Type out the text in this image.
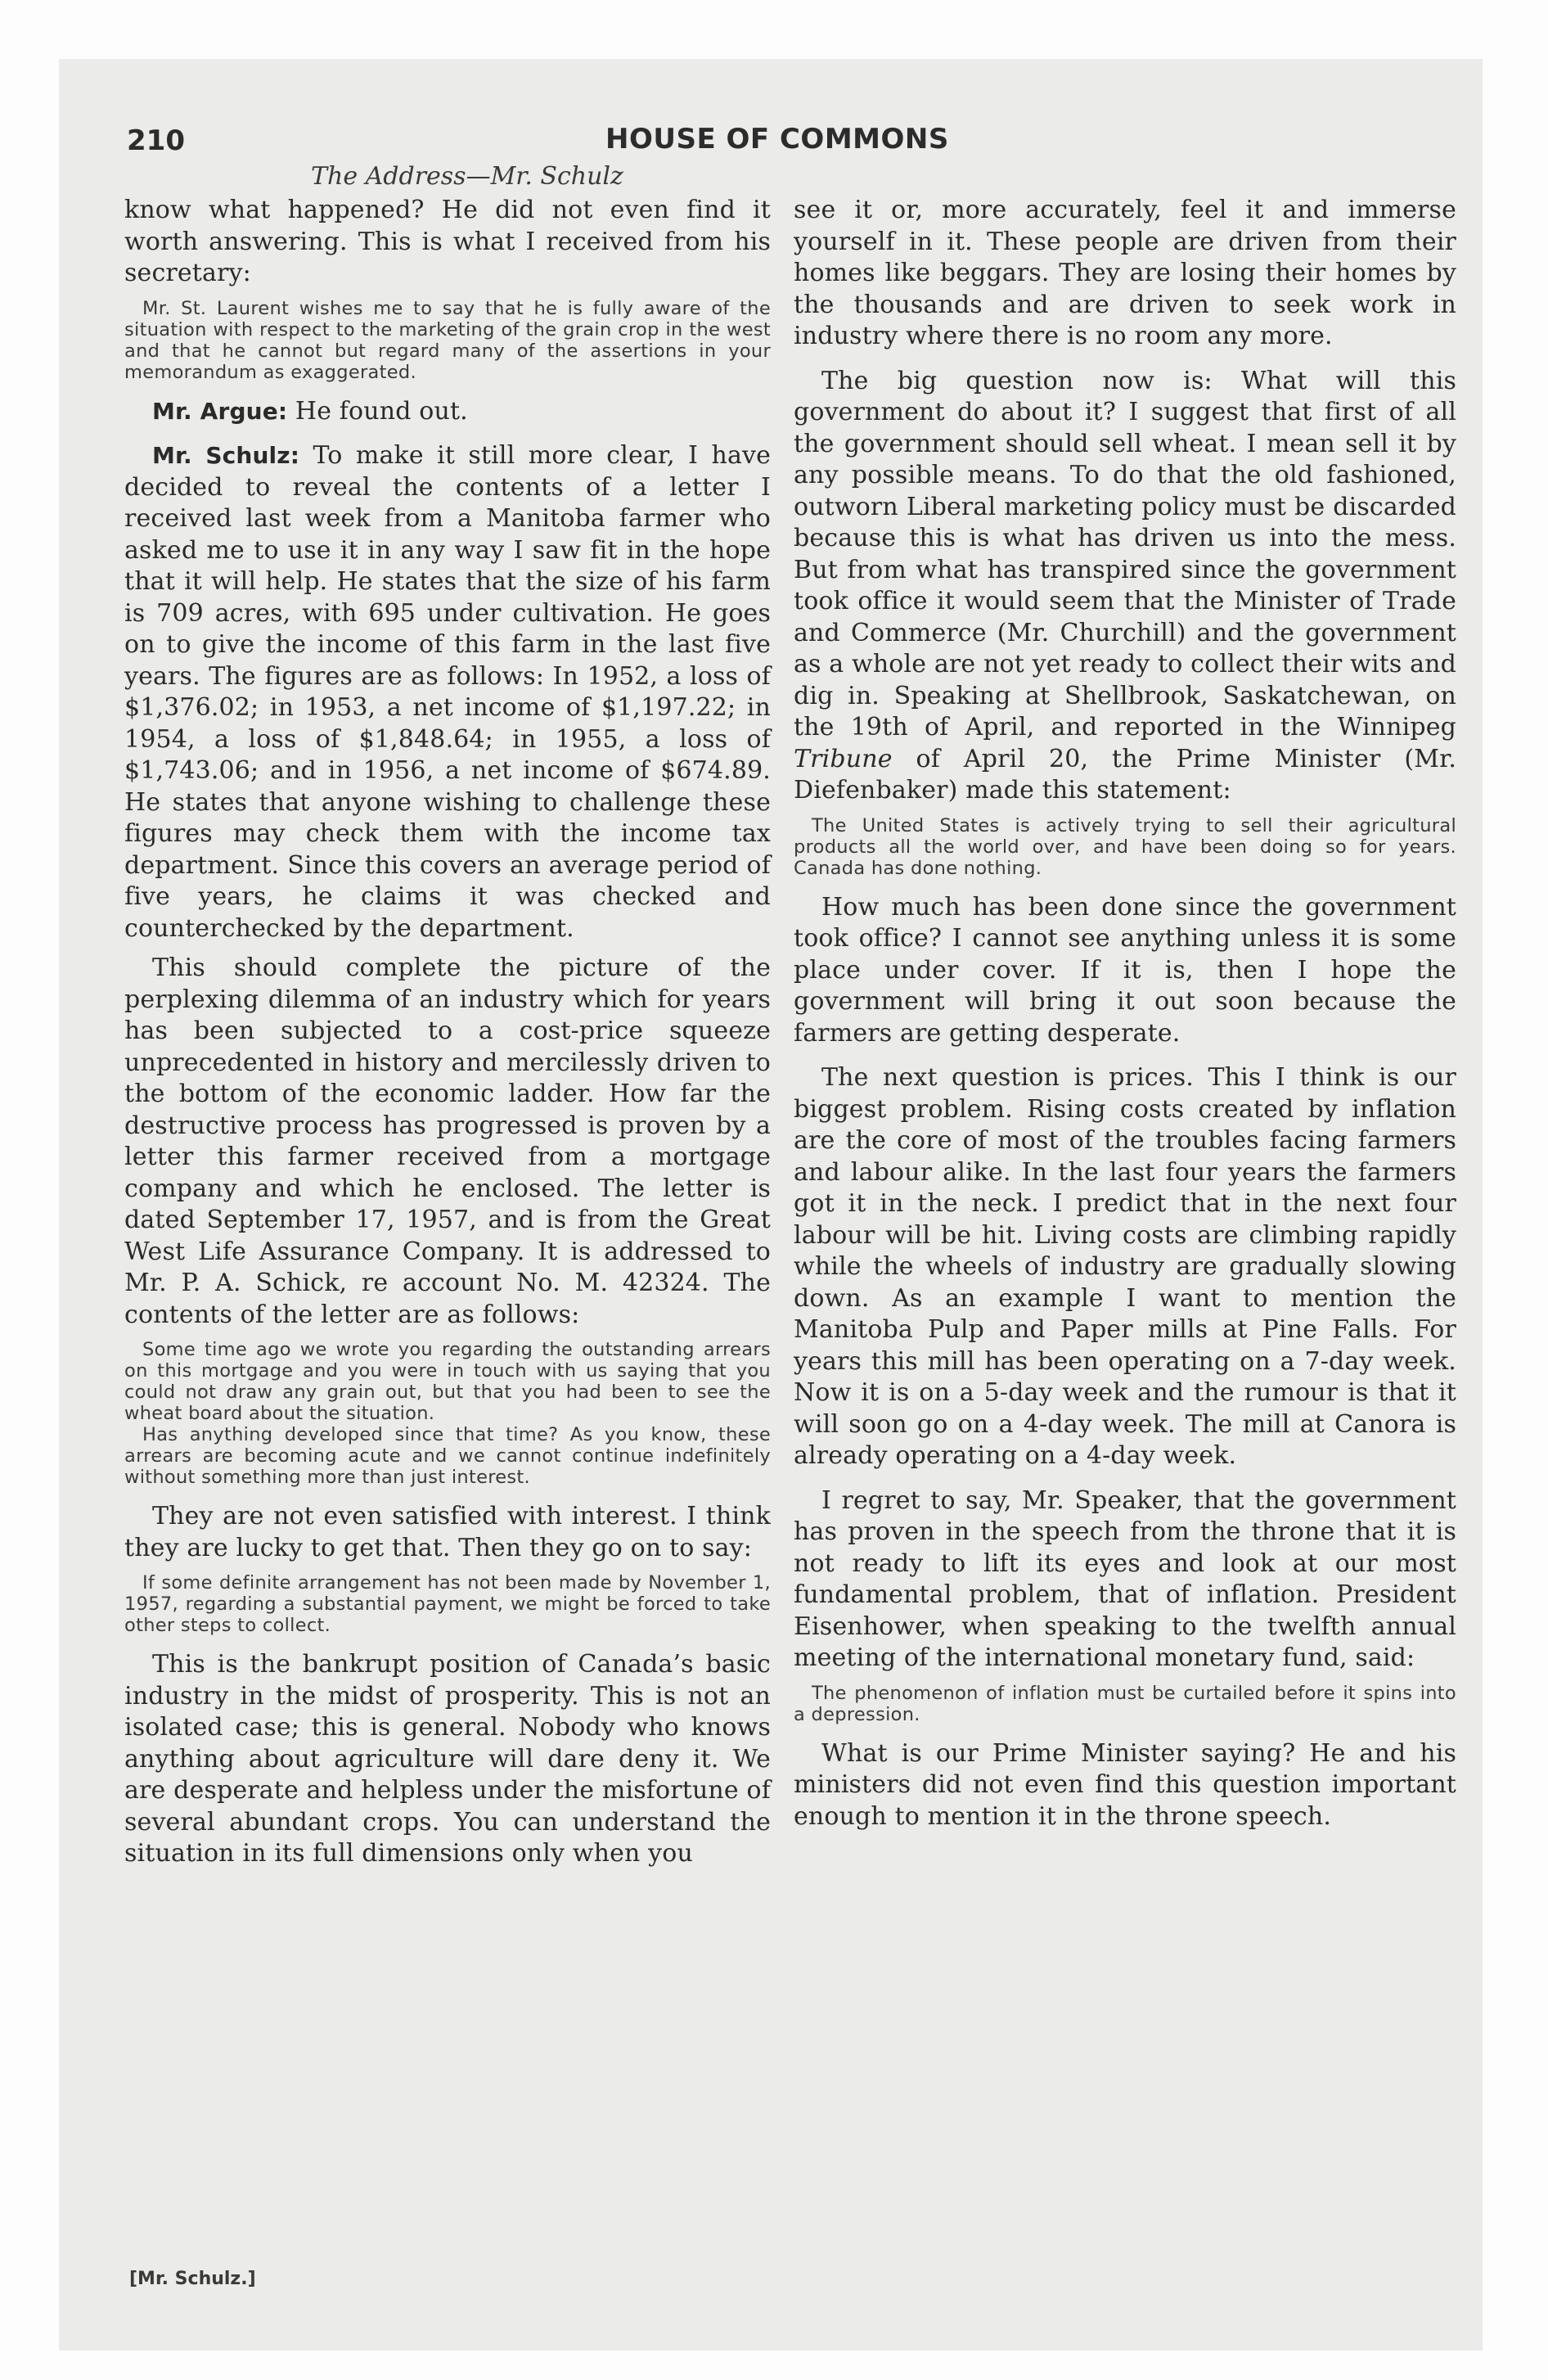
210	HOUSE OF COMMONS
The Address—Mr. Schulz

know what happened? He did not even find it worth answering. This is what I received from his secretary:

Mr. St. Laurent wishes me to say that he is fully aware of the situation with respect to the marketing of the grain crop in the west and that he cannot but regard many of the assertions in your memorandum as exaggerated.

Mr. Argue: He found out.

Mr. Schulz: To make it still more clear, I have decided to reveal the contents of a letter I received last week from a Manitoba farmer who asked me to use it in any way I saw fit in the hope that it will help. He states that the size of his farm is 709 acres, with 695 under cultivation. He goes on to give the income of this farm in the last five years. The figures are as follows: In 1952, a loss of $1,376.02; in 1953, a net income of $1,197.22; in 1954, a loss of $1,848.64; in 1955, a loss of $1,743.06; and in 1956, a net income of $674.89. He states that anyone wishing to challenge these figures may check them with the income tax department. Since this covers an average period of five years, he claims it was checked and counterchecked by the department.

This should complete the picture of the perplexing dilemma of an industry which for years has been subjected to a cost-price squeeze unprecedented in history and mercilessly driven to the bottom of the economic ladder. How far the destructive process has progressed is proven by a letter this farmer received from a mortgage company and which he enclosed. The letter is dated September 17, 1957, and is from the Great West Life Assurance Company. It is addressed to Mr. P. A. Schick, re account No. M. 42324. The contents of the letter are as follows:

Some time ago we wrote you regarding the outstanding arrears on this mortgage and you were in touch with us saying that you could not draw any grain out, but that you had been to see the wheat board about the situation.

Has anything developed since that time? As you know, these arrears are becoming acute and we cannot continue indefinitely without something more than just interest.

They are not even satisfied with interest. I think they are lucky to get that. Then they go on to say:

If some definite arrangement has not been made by November 1, 1957, regarding a substantial payment, we might be forced to take other steps to collect.

This is the bankrupt position of Canada’s basic industry in the midst of prosperity. This is not an isolated case; this is general. Nobody who knows anything about agriculture will dare deny it. We are desperate and helpless under the misfortune of several abundant crops. You can understand the situation in its full dimensions only when you

see it or, more accurately, feel it and immerse yourself in it. These people are driven from their homes like beggars. They are losing their homes by the thousands and are driven to seek work in industry where there is no room any more.

The big question now is: What will this government do about it? I suggest that first of all the government should sell wheat. I mean sell it by any possible means. To do that the old fashioned, outworn Liberal marketing policy must be discarded because this is what has driven us into the mess. But from what has transpired since the government took office it would seem that the Minister of Trade and Commerce (Mr. Churchill) and the government as a whole are not yet ready to collect their wits and dig in. Speaking at Shellbrook, Saskatchewan, on the 19th of April, and reported in the Winnipeg Tribune of April 20, the Prime Minister (Mr. Diefenbaker) made this statement:

The United States is actively trying to sell their agricultural products all the world over, and have been doing so for years. Canada has done nothing.

How much has been done since the government took office? I cannot see anything unless it is some place under cover. If it is, then I hope the government will bring it out soon because the farmers are getting desperate.

The next question is prices. This I think is our biggest problem. Rising costs created by inflation are the core of most of the troubles facing farmers and labour alike. In the last four years the farmers got it in the neck. I predict that in the next four labour will be hit. Living costs are climbing rapidly while the wheels of industry are gradually slowing down. As an example I want to mention the Manitoba Pulp and Paper mills at Pine Falls. For years this mill has been operating on a 7-day week. Now it is on a 5-day week and the rumour is that it will soon go on a 4-day week. The mill at Canora is already operating on a 4-day week.

I regret to say, Mr. Speaker, that the government has proven in the speech from the throne that it is not ready to lift its eyes and look at our most fundamental problem, that of inflation. President Eisenhower, when speaking to the twelfth annual meeting of the international monetary fund, said:

The phenomenon of inflation must be curtailed before it spins into a depression.

What is our Prime Minister saying? He and his ministers did not even find this question important enough to mention it in the throne speech.

[Mr. Schulz.]
